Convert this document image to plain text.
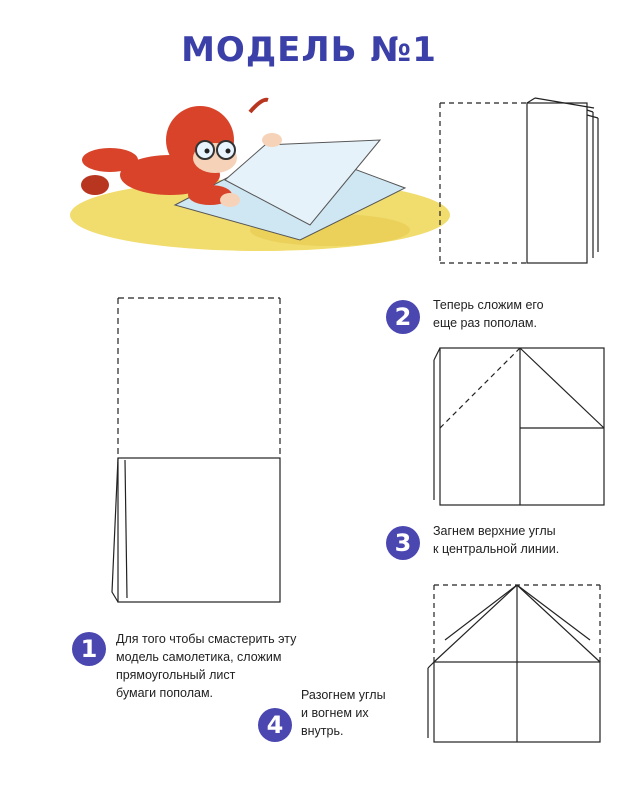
МОДЕЛЬ №1
1	Для того чтобы смастерить эту
модель самолетика, сложим
прямоугольный лист
бумаги пополам.
2	Теперь сложим его
еще раз пополам.
3	Загнем верхние углы
к центральной линии.
4
Разогнем углы
и вогнем их
внутрь.
